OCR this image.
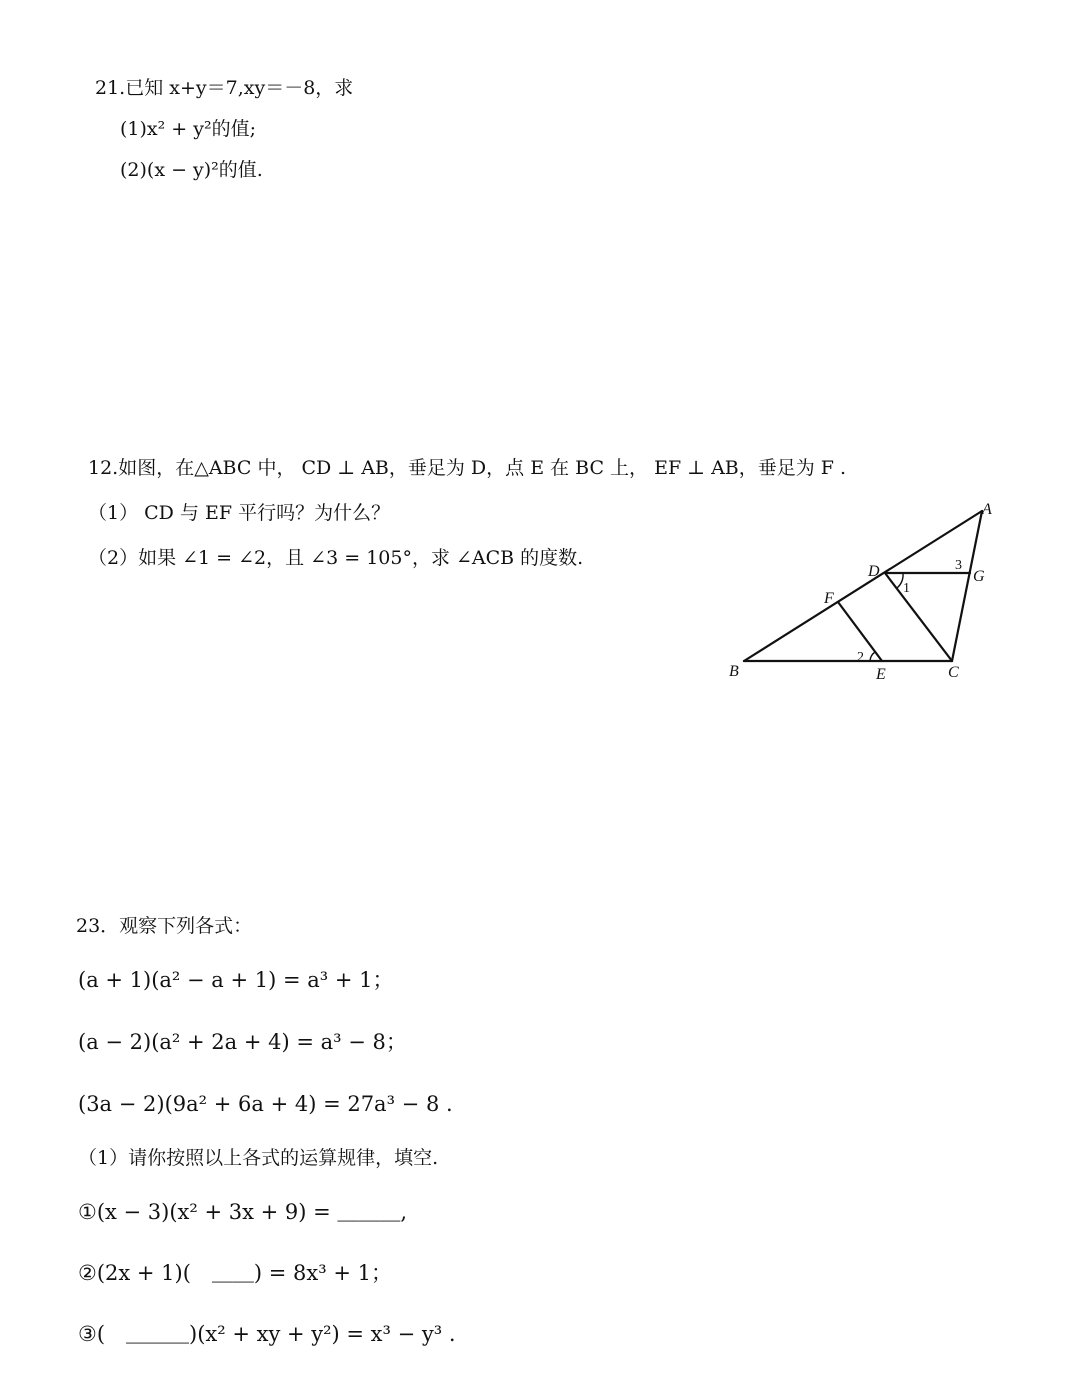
21.已知 x+y＝7,xy＝－8，求
(1)x² + y²的值;
(2)(x − y)²的值.
12.如图，在△ABC 中， CD ⊥ AB，垂足为 D，点 E 在 BC 上， EF ⊥ AB，垂足为 F .
（1） CD 与 EF 平行吗？为什么？
（2）如果 ∠1 = ∠2，且 ∠3 = 105°，求 ∠ACB 的度数.
A
B	C
D
E
F
G
1
2
3
23．观察下列各式：
(a + 1)(a² − a + 1) = a³ + 1；
(a − 2)(a² + 2a + 4) = a³ − 8；
(3a − 2)(9a² + 6a + 4) = 27a³ − 8 .
（1）请你按照以上各式的运算规律，填空.
①(x − 3)(x² + 3x + 9) = ＿＿＿,
②(2x + 1)(　＿＿) = 8x³ + 1；
③(　＿＿＿)(x² + xy + y²) = x³ − y³ .
